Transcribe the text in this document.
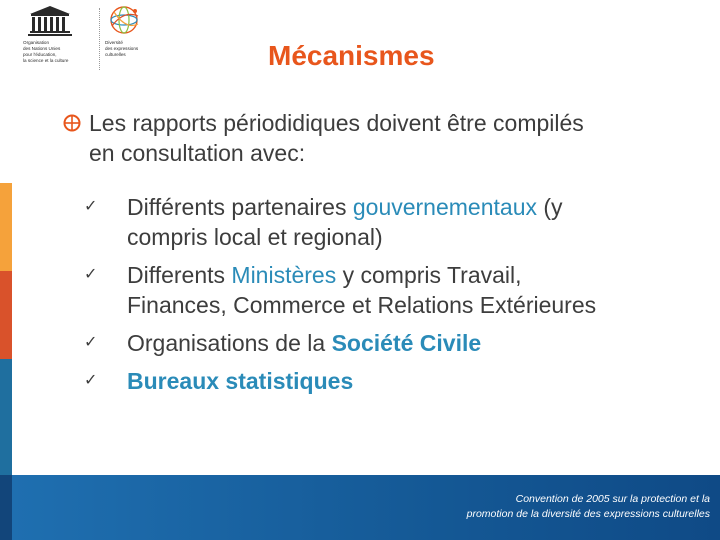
Organisation
des Nations Unies
pour l'éducation,
la science et la culture
Diversité
des expressions
culturelles	Mécanismes
Les rapports périodidiques doivent être compilés
en consultation avec:
✓ Différents partenaires gouvernementaux (y
compris local et regional)
✓ Differents Ministères y compris Travail,
Finances, Commerce et Relations Extérieures
✓ Organisations de la Société Civile
✓ Bureaux statistiques
Convention de 2005 sur la protection et la
promotion de la diversité des expressions culturelles
